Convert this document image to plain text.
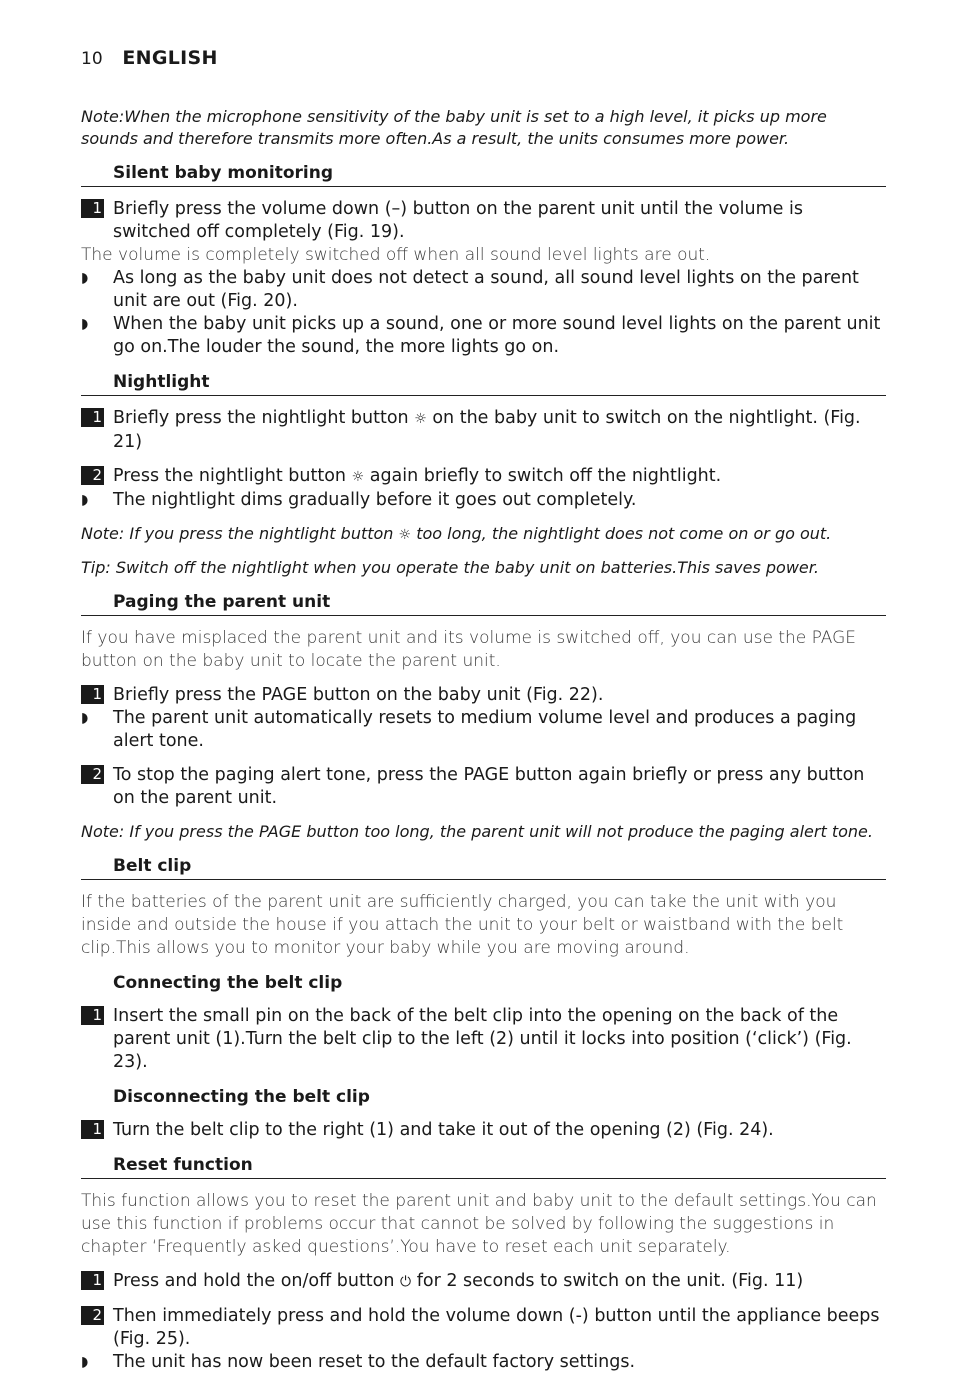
10 ENGLISH

Note:When the microphone sensitivity of the baby unit is set to a high level, it picks up more sounds and therefore transmits more often.As a result, the units consumes more power.

Silent baby monitoring
1 Briefly press the volume down (–) button on the parent unit until the volume is switched off completely (Fig. 19).

The volume is completely switched off when all sound level lights are out.

◗ As long as the baby unit does not detect a sound, all sound level lights on the parent unit are out (Fig. 20).
◗ When the baby unit picks up a sound, one or more sound level lights on the parent unit go on.The louder the sound, the more lights go on.
Nightlight
1 Briefly press the nightlight button ☼ on the baby unit to switch on the nightlight. (Fig. 21)
2 Press the nightlight button ☼ again briefly to switch off the nightlight.
◗ The nightlight dims gradually before it goes out completely.

Note: If you press the nightlight button ☼ too long, the nightlight does not come on or go out.

Tip: Switch off the nightlight when you operate the baby unit on batteries.This saves power.

Paging the parent unit

If you have misplaced the parent unit and its volume is switched off, you can use the PAGE button on the baby unit to locate the parent unit.

1 Briefly press the PAGE button on the baby unit (Fig. 22).
◗ The parent unit automatically resets to medium volume level and produces a paging alert tone.
2 To stop the paging alert tone, press the PAGE button again briefly or press any button on the parent unit.

Note: If you press the PAGE button too long, the parent unit will not produce the paging alert tone.

Belt clip

If the batteries of the parent unit are sufficiently charged, you can take the unit with you inside and outside the house if you attach the unit to your belt or waistband with the belt clip.This allows you to monitor your baby while you are moving around.

Connecting the belt clip
1 Insert the small pin on the back of the belt clip into the opening on the back of the parent unit (1).Turn the belt clip to the left (2) until it locks into position (‘click’) (Fig. 23).
Disconnecting the belt clip
1 Turn the belt clip to the right (1) and take it out of the opening (2) (Fig. 24).
Reset function

This function allows you to reset the parent unit and baby unit to the default settings.You can use this function if problems occur that cannot be solved by following the suggestions in chapter ‘Frequently asked questions’.You have to reset each unit separately.

1 Press and hold the on/off button ⏻ for 2 seconds to switch on the unit. (Fig. 11)
2 Then immediately press and hold the volume down (-) button until the appliance beeps (Fig. 25).
◗ The unit has now been reset to the default factory settings.
